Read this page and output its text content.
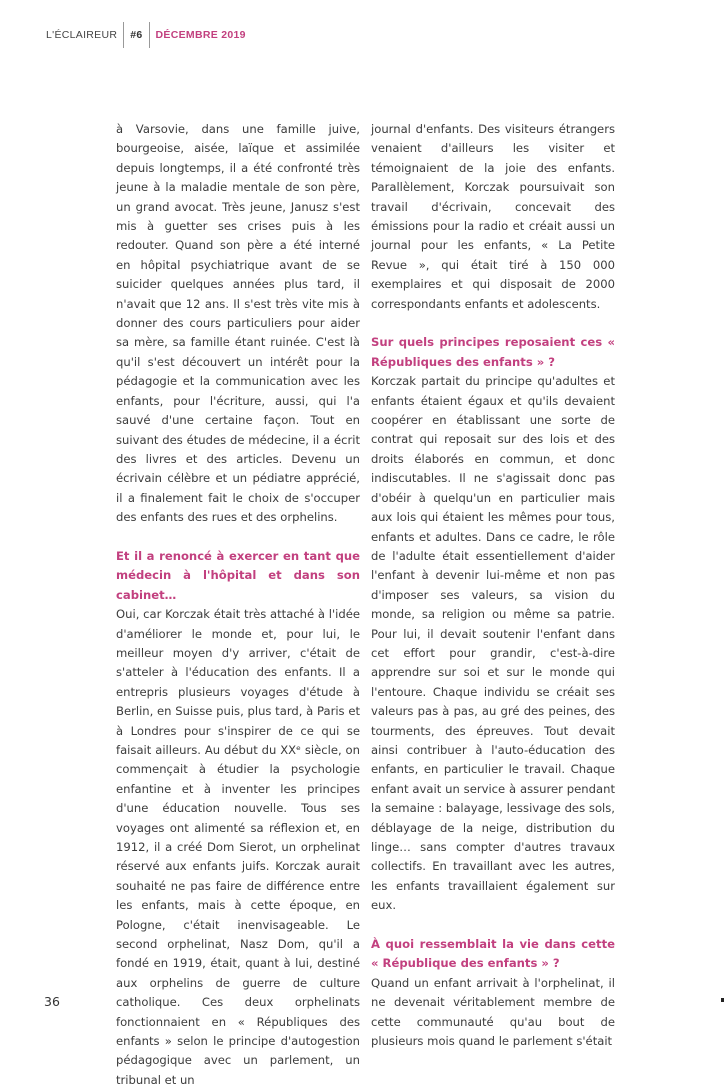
L'ÉCLAIREUR #6 DÉCEMBRE 2019

à Varsovie, dans une famille juive, bourgeoise, aisée, laïque et assimilée depuis longtemps, il a été confronté très jeune à la maladie mentale de son père, un grand avocat. Très jeune, Janusz s'est mis à guetter ses crises puis à les redouter. Quand son père a été interné en hôpital psychiatrique avant de se suicider quelques années plus tard, il n'avait que 12 ans. Il s'est très vite mis à donner des cours particuliers pour aider sa mère, sa famille étant ruinée. C'est là qu'il s'est découvert un intérêt pour la pédagogie et la communication avec les enfants, pour l'écriture, aussi, qui l'a sauvé d'une certaine façon. Tout en suivant des études de médecine, il a écrit des livres et des articles. Devenu un écrivain célèbre et un pédiatre apprécié, il a finalement fait le choix de s'occuper des enfants des rues et des orphelins.

Et il a renoncé à exercer en tant que médecin à l'hôpital et dans son cabinet…

Oui, car Korczak était très attaché à l'idée d'améliorer le monde et, pour lui, le meilleur moyen d'y arriver, c'était de s'atteler à l'éducation des enfants. Il a entrepris plusieurs voyages d'étude à Berlin, en Suisse puis, plus tard, à Paris et à Londres pour s'inspirer de ce qui se faisait ailleurs. Au début du XXᵉ siècle, on commençait à étudier la psychologie enfantine et à inventer les principes d'une éducation nouvelle. Tous ses voyages ont alimenté sa réflexion et, en 1912, il a créé Dom Sierot, un orphelinat réservé aux enfants juifs. Korczak aurait souhaité ne pas faire de différence entre les enfants, mais à cette époque, en Pologne, c'était inenvisageable. Le second orphelinat, Nasz Dom, qu'il a fondé en 1919, était, quant à lui, destiné aux orphelins de guerre de culture catholique. Ces deux orphelinats fonctionnaient en « Républiques des enfants » selon le principe d'autogestion pédagogique avec un parlement, un tribunal et un

journal d'enfants. Des visiteurs étrangers venaient d'ailleurs les visiter et témoignaient de la joie des enfants. Parallèlement, Korczak poursuivait son travail d'écrivain, concevait des émissions pour la radio et créait aussi un journal pour les enfants, « La Petite Revue », qui était tiré à 150 000 exemplaires et qui disposait de 2000 correspondants enfants et adolescents.

Sur quels principes reposaient ces « Républiques des enfants » ?

Korczak partait du principe qu'adultes et enfants étaient égaux et qu'ils devaient coopérer en établissant une sorte de contrat qui reposait sur des lois et des droits élaborés en commun, et donc indiscutables. Il ne s'agissait donc pas d'obéir à quelqu'un en particulier mais aux lois qui étaient les mêmes pour tous, enfants et adultes. Dans ce cadre, le rôle de l'adulte était essentiellement d'aider l'enfant à devenir lui-même et non pas d'imposer ses valeurs, sa vision du monde, sa religion ou même sa patrie. Pour lui, il devait soutenir l'enfant dans cet effort pour grandir, c'est-à-dire apprendre sur soi et sur le monde qui l'entoure. Chaque individu se créait ses valeurs pas à pas, au gré des peines, des tourments, des épreuves. Tout devait ainsi contribuer à l'auto-éducation des enfants, en particulier le travail. Chaque enfant avait un service à assurer pendant la semaine : balayage, lessivage des sols, déblayage de la neige, distribution du linge… sans compter d'autres travaux collectifs. En travaillant avec les autres, les enfants travaillaient également sur eux.

À quoi ressemblait la vie dans cette « République des enfants » ?

Quand un enfant arrivait à l'orphelinat, il ne devenait véritablement membre de cette communauté qu'au bout de plusieurs mois quand le parlement s'était

36
